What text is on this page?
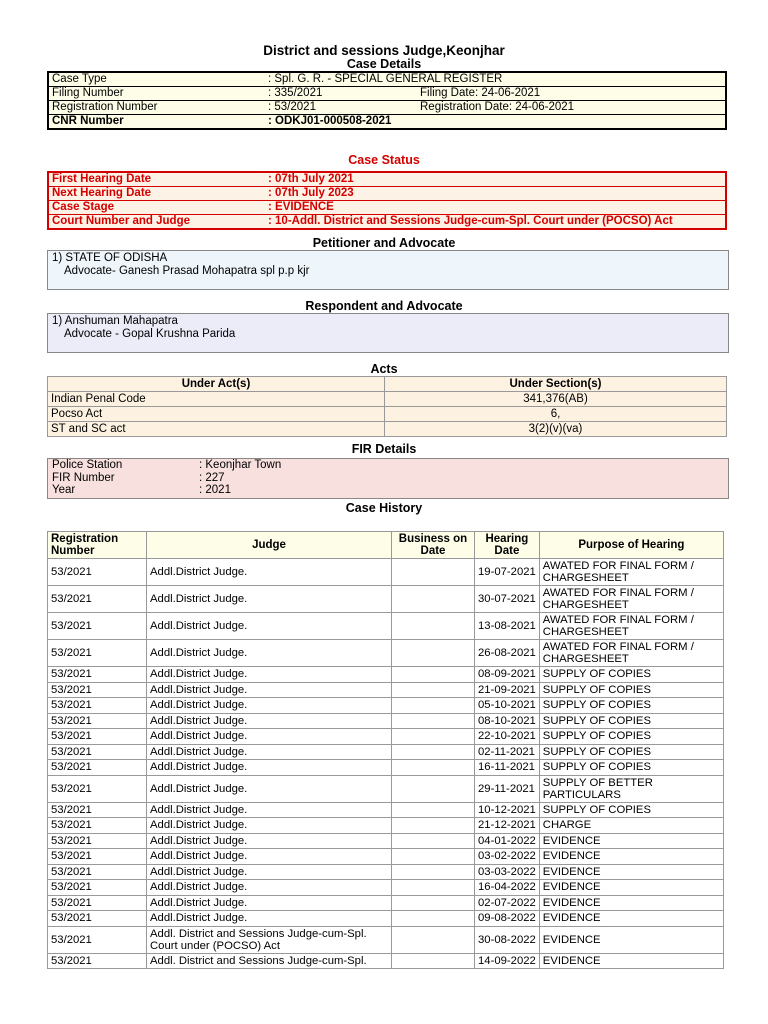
District and sessions Judge,Keonjhar
Case Details
Case Type	: Spl. G. R. - SPECIAL GENERAL REGISTER	
Filing Number	: 335/2021	Filing Date: 24-06-2021
Registration Number	: 53/2021	Registration Date: 24-06-2021
CNR Number	: ODKJ01-000508-2021	
Case Status
First Hearing Date	: 07th July 2021
Next Hearing Date	: 07th July 2023
Case Stage	: EVIDENCE
Court Number and Judge	: 10-Addl. District and Sessions Judge-cum-Spl. Court under (POCSO) Act
Petitioner and Advocate
1) STATE OF ODISHA
Advocate- Ganesh Prasad Mohapatra spl p.p kjr
Respondent and Advocate
1) Anshuman Mahapatra
Advocate - Gopal Krushna Parida
Acts
Under Act(s)	Under Section(s)
Indian Penal Code	341,376(AB)
Pocso Act	6,
ST and SC act	3(2)(v)(va)
FIR Details
Police Station	: Keonjhar Town
FIR Number	: 227
Year	: 2021
Case History
Registration Number	Judge	Business on Date	Hearing Date	Purpose of Hearing
53/2021	Addl.District Judge.		19-07-2021	AWATED FOR FINAL FORM / CHARGESHEET
53/2021	Addl.District Judge.		30-07-2021	AWATED FOR FINAL FORM / CHARGESHEET
53/2021	Addl.District Judge.		13-08-2021	AWATED FOR FINAL FORM / CHARGESHEET
53/2021	Addl.District Judge.		26-08-2021	AWATED FOR FINAL FORM / CHARGESHEET
53/2021	Addl.District Judge.		08-09-2021	SUPPLY OF COPIES
53/2021	Addl.District Judge.		21-09-2021	SUPPLY OF COPIES
53/2021	Addl.District Judge.		05-10-2021	SUPPLY OF COPIES
53/2021	Addl.District Judge.		08-10-2021	SUPPLY OF COPIES
53/2021	Addl.District Judge.		22-10-2021	SUPPLY OF COPIES
53/2021	Addl.District Judge.		02-11-2021	SUPPLY OF COPIES
53/2021	Addl.District Judge.		16-11-2021	SUPPLY OF COPIES
53/2021	Addl.District Judge.		29-11-2021	SUPPLY OF BETTER PARTICULARS
53/2021	Addl.District Judge.		10-12-2021	SUPPLY OF COPIES
53/2021	Addl.District Judge.		21-12-2021	CHARGE
53/2021	Addl.District Judge.		04-01-2022	EVIDENCE
53/2021	Addl.District Judge.		03-02-2022	EVIDENCE
53/2021	Addl.District Judge.		03-03-2022	EVIDENCE
53/2021	Addl.District Judge.		16-04-2022	EVIDENCE
53/2021	Addl.District Judge.		02-07-2022	EVIDENCE
53/2021	Addl.District Judge.		09-08-2022	EVIDENCE
53/2021	Addl. District and Sessions Judge-cum-Spl. Court under (POCSO) Act		30-08-2022	EVIDENCE
53/2021	Addl. District and Sessions Judge-cum-Spl.		14-09-2022	EVIDENCE
